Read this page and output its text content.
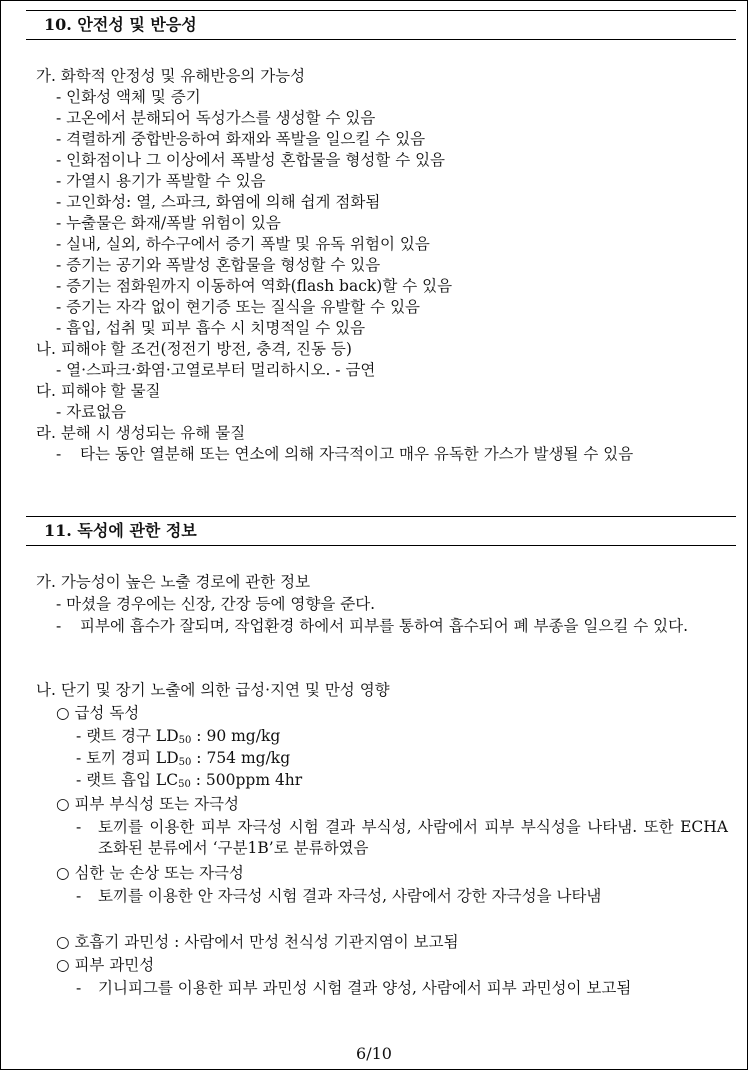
10. 안전성 및 반응성
가. 화학적 안정성 및 유해반응의 가능성
- 인화성 액체 및 증기
- 고온에서 분해되어 독성가스를 생성할 수 있음
- 격렬하게 중합반응하여 화재와 폭발을 일으킬 수 있음
- 인화점이나 그 이상에서 폭발성 혼합물을 형성할 수 있음
- 가열시 용기가 폭발할 수 있음
- 고인화성: 열, 스파크, 화염에 의해 쉽게 점화됨
- 누출물은 화재/폭발 위험이 있음
- 실내, 실외, 하수구에서 증기 폭발 및 유독 위험이 있음
- 증기는 공기와 폭발성 혼합물을 형성할 수 있음
- 증기는 점화원까지 이동하여 역화(flash back)할 수 있음
- 증기는 자각 없이 현기증 또는 질식을 유발할 수 있음
- 흡입, 섭취 및 피부 흡수 시 치명적일 수 있음
나. 피해야 할 조건(정전기 방전, 충격, 진동 등)
- 열·스파크·화염·고열로부터 멀리하시오. - 금연
다. 피해야 할 물질
- 자료없음
라. 분해 시 생성되는 유해 물질
- 타는 동안 열분해 또는 연소에 의해 자극적이고 매우 유독한 가스가 발생될 수 있음
11. 독성에 관한 정보
가. 가능성이 높은 노출 경로에 관한 정보
- 마셨을 경우에는 신장, 간장 등에 영향을 준다.
- 피부에 흡수가 잘되며, 작업환경 하에서 피부를 통하여 흡수되어 폐 부종을 일으킬 수 있다.
나. 단기 및 장기 노출에 의한 급성·지연 및 만성 영향
○ 급성 독성
- 랫트 경구 $LD_{50}$ : 90 mg/kg
- 토끼 경피 $LD_{50}$ : 754 mg/kg
- 랫트 흡입 $LC_{50}$ : 500ppm 4hr
○ 피부 부식성 또는 자극성
- 토끼를 이용한 피부 자극성 시험 결과 부식성, 사람에서 피부 부식성을 나타냄. 또한 ECHA 조화된 분류에서 ‘구분1B’로 분류하였음
○ 심한 눈 손상 또는 자극성
- 토끼를 이용한 안 자극성 시험 결과 자극성, 사람에서 강한 자극성을 나타냄
○ 호흡기 과민성 : 사람에서 만성 천식성 기관지염이 보고됨
○ 피부 과민성
- 기니피그를 이용한 피부 과민성 시험 결과 양성, 사람에서 피부 과민성이 보고됨
6/10
